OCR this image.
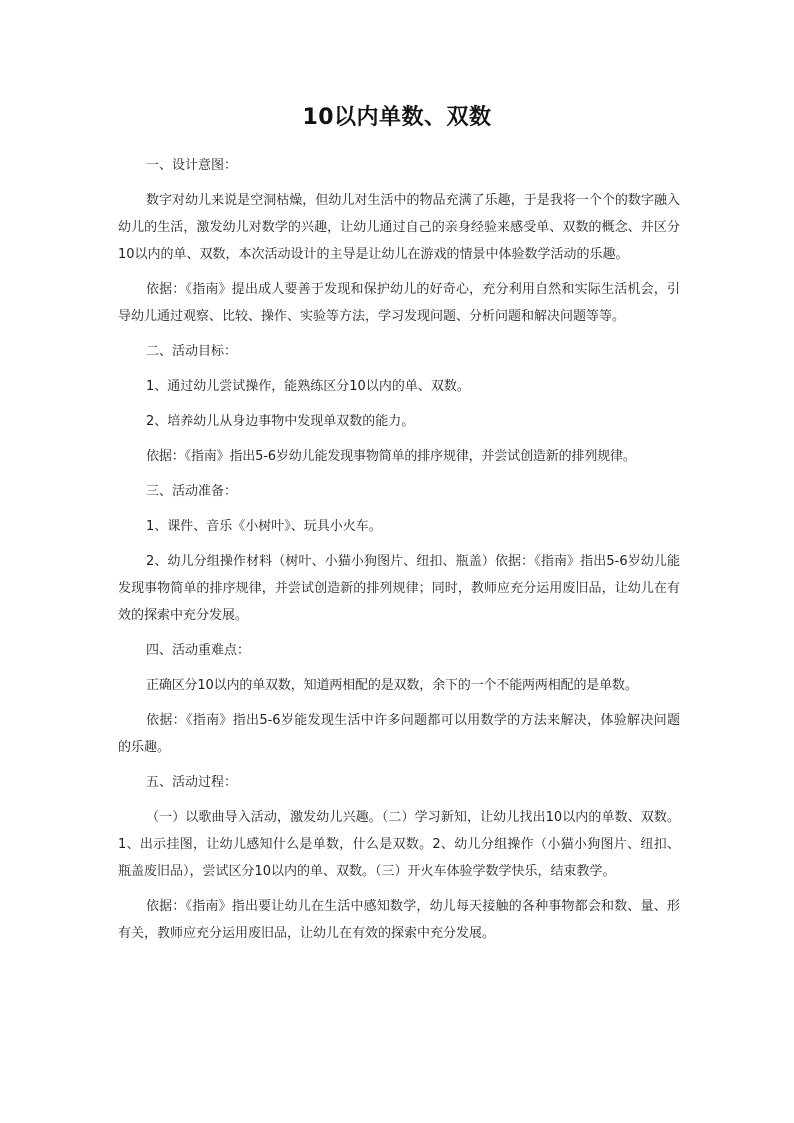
10以内单数、双数

一、设计意图：

数字对幼儿来说是空洞枯燥，但幼儿对生活中的物品充满了乐趣，于是我将一个个的数字融入幼儿的生活，激发幼儿对数学的兴趣，让幼儿通过自己的亲身经验来感受单、双数的概念、并区分10以内的单、双数，本次活动设计的主导是让幼儿在游戏的情景中体验数学活动的乐趣。

依据：《指南》提出成人要善于发现和保护幼儿的好奇心，充分利用自然和实际生活机会，引导幼儿通过观察、比较、操作、实验等方法，学习发现问题、分析问题和解决问题等等。

二、活动目标：

1、通过幼儿尝试操作，能熟练区分10以内的单、双数。

2、培养幼儿从身边事物中发现单双数的能力。

依据：《指南》指出5-6岁幼儿能发现事物简单的排序规律，并尝试创造新的排列规律。

三、活动准备：

1、课件、音乐《小树叶》、玩具小火车。

2、幼儿分组操作材料（树叶、小猫小狗图片、纽扣、瓶盖）依据：《指南》指出5-6岁幼儿能发现事物简单的排序规律，并尝试创造新的排列规律；同时，教师应充分运用废旧品，让幼儿在有效的探索中充分发展。

四、活动重难点：

正确区分10以内的单双数，知道两相配的是双数，余下的一个不能两两相配的是单数。

依据：《指南》指出5-6岁能发现生活中许多问题都可以用数学的方法来解决，体验解决问题的乐趣。

五、活动过程：

（一）以歌曲导入活动，激发幼儿兴趣。（二）学习新知，让幼儿找出10以内的单数、双数。1、出示挂图，让幼儿感知什么是单数，什么是双数。2、幼儿分组操作（小猫小狗图片、纽扣、瓶盖废旧品），尝试区分10以内的单、双数。（三）开火车体验学数学快乐，结束教学。

依据：《指南》指出要让幼儿在生活中感知数学，幼儿每天接触的各种事物都会和数、量、形有关，教师应充分运用废旧品，让幼儿在有效的探索中充分发展。
